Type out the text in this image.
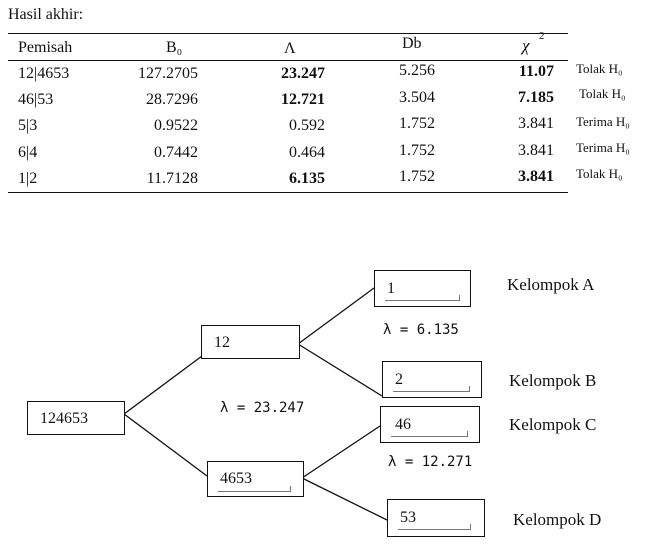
Hasil akhir:
Pemisah	B₀	Λ	Db	χ 2
12|4653	127.2705	23.247	5.256	11.07 Tolak H₀
46|53	28.7296	12.721	3.504	7.185 Tolak H₀
5|3	0.9522	0.592	1.752	3.841 Terima H₀
6|4	0.7442	0.464	1.752	3.841 Terima H₀
1|2	11.7128	6.135	1.752	3.841 Tolak H₀
124653
12
4653
1
2
46
53
λ = 23.247
λ = 6.135
λ = 12.271
Kelompok A
Kelompok B
Kelompok C
Kelompok D
